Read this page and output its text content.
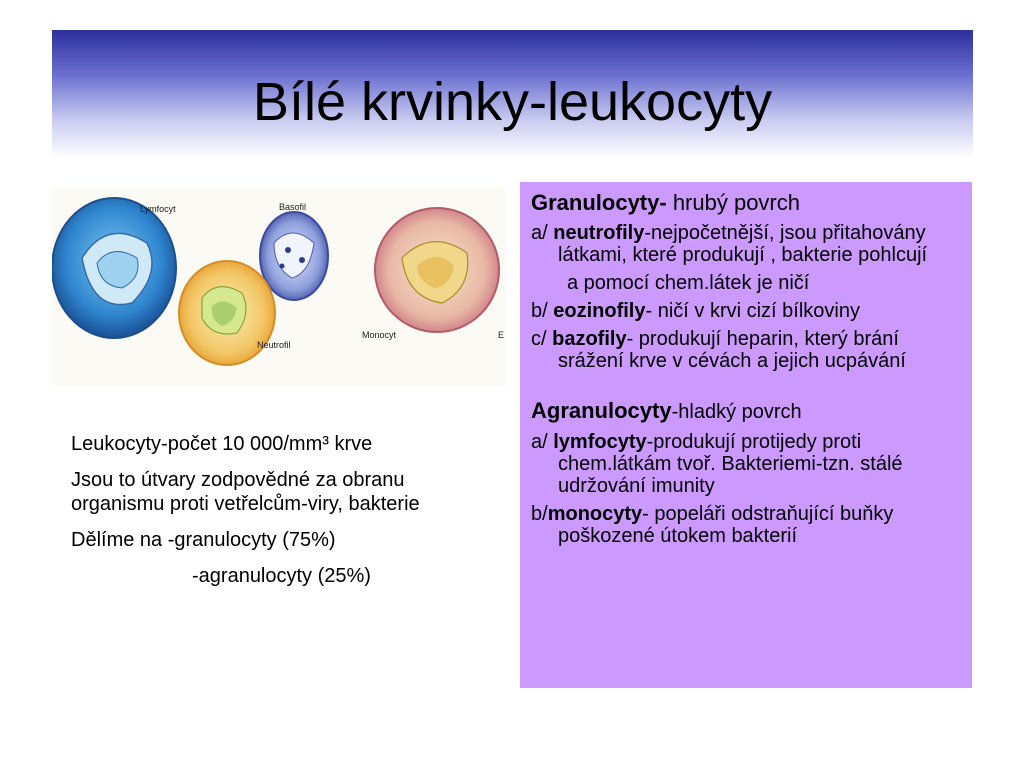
Bílé krvinky-leukocyty
Lymfocyt	Basofil
Neutrofil
Monocyt	E

Leukocyty-počet 10 000/mm³ krve

Jsou to útvary zodpovědné za obranu organismu proti vetřelcům-viry, bakterie

Dělíme na -granulocyty (75%)

-agranulocyty (25%)

Granulocyty- hrubý povrch
a/ neutrofily-nejpočetnější, jsou přitahovány látkami, které produkují , bakterie pohlcují
a pomocí chem.látek je ničí
b/ eozinofily- ničí v krvi cizí bílkoviny
c/ bazofily- produkují heparin, který brání srážení krve v cévách a jejich ucpávání
Agranulocyty-hladký povrch
a/ lymfocyty-produkují protijedy proti chem.látkám tvoř. Bakteriemi-tzn. stálé udržování imunity
b/monocyty- popeláři odstraňující buňky poškozené útokem bakterií
